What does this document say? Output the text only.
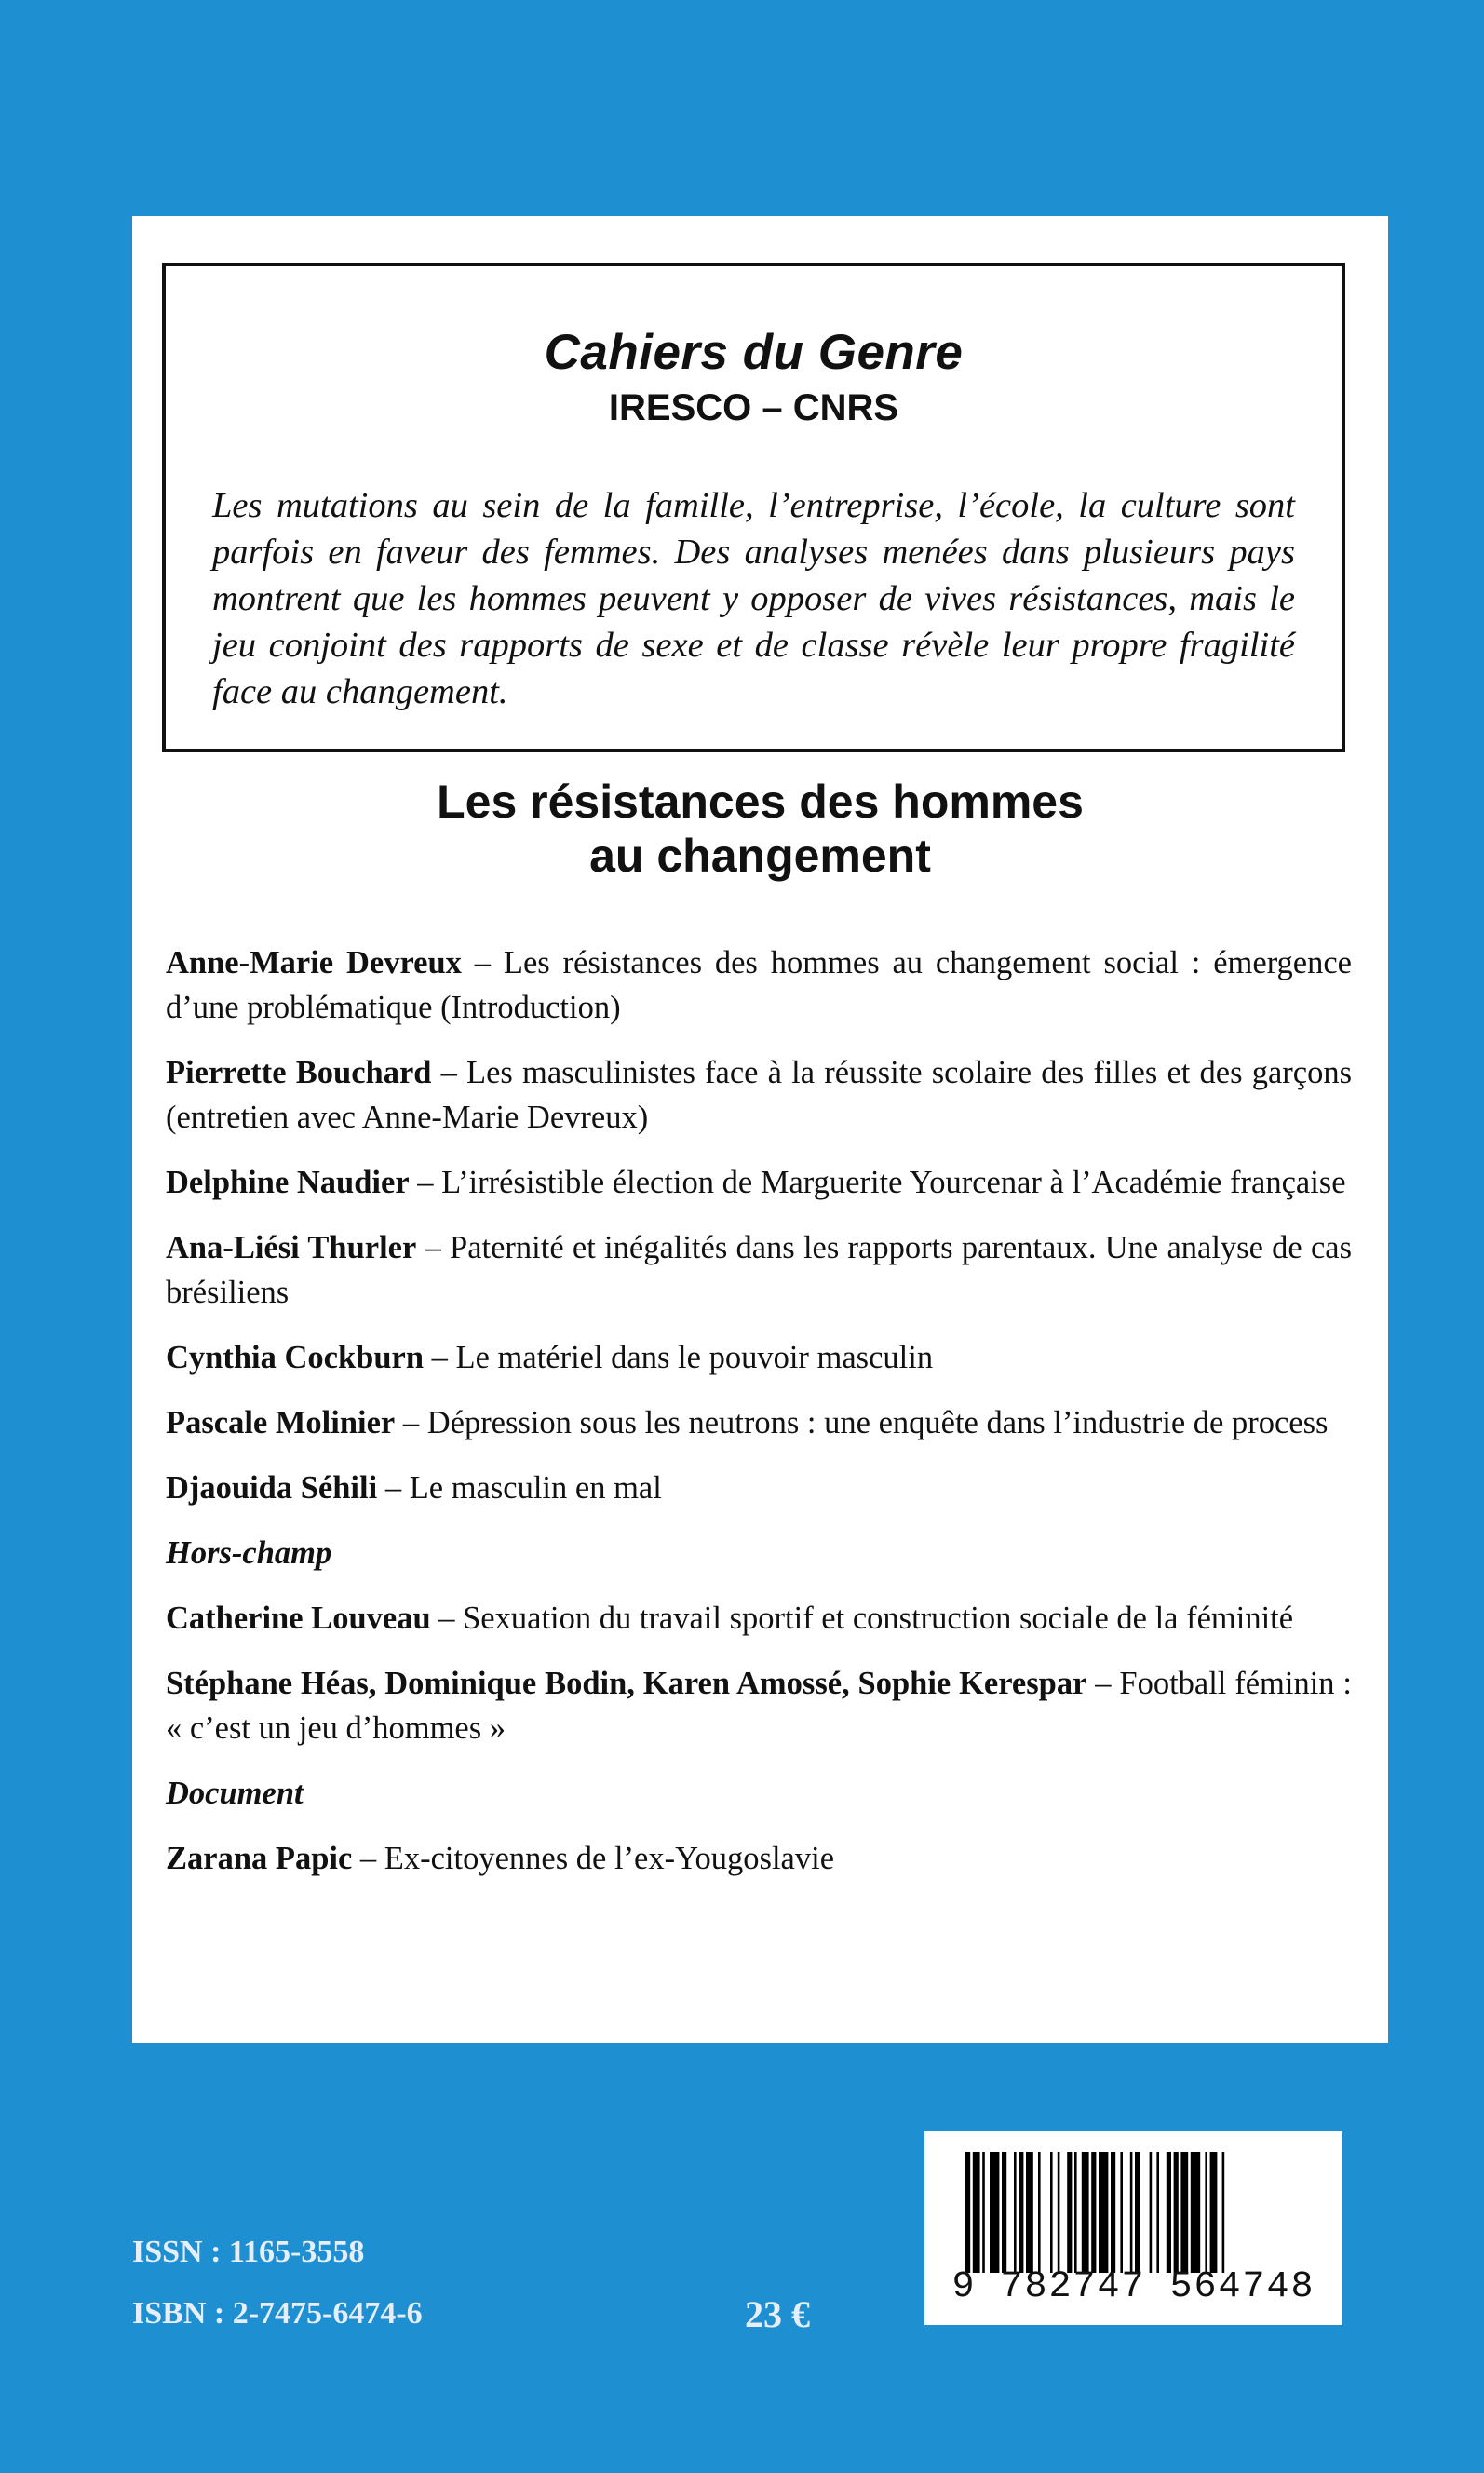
Cahiers du Genre
IRESCO – CNRS

Les mutations au sein de la famille, l’entreprise, l’école, la culture sont parfois en faveur des femmes. Des analyses menées dans plusieurs pays montrent que les hommes peuvent y opposer de vives résistances, mais le jeu conjoint des rapports de sexe et de classe révèle leur propre fragilité face au changement.

Les résistances des hommes
au changement
Anne-Marie Devreux – Les résistances des hommes au changement social : émergence d’une problématique (Introduction)
Pierrette Bouchard – Les masculinistes face à la réussite scolaire des filles et des garçons (entretien avec Anne-Marie Devreux)
Delphine Naudier – L’irrésistible élection de Marguerite Yourcenar à l’Académie française
Ana-Liési Thurler – Paternité et inégalités dans les rapports parentaux. Une analyse de cas brésiliens
Cynthia Cockburn – Le matériel dans le pouvoir masculin
Pascale Molinier – Dépression sous les neutrons : une enquête dans l’industrie de process
Djaouida Séhili – Le masculin en mal
Hors-champ
Catherine Louveau – Sexuation du travail sportif et construction sociale de la féminité
Stéphane Héas, Dominique Bodin, Karen Amossé, Sophie Kerespar – Football féminin : « c’est un jeu d’hommes »
Document
Zarana Papic – Ex-citoyennes de l’ex-Yougoslavie
ISSN : 1165-3558
ISBN : 2-7475-6474-6	23 €
9 782747 564748
